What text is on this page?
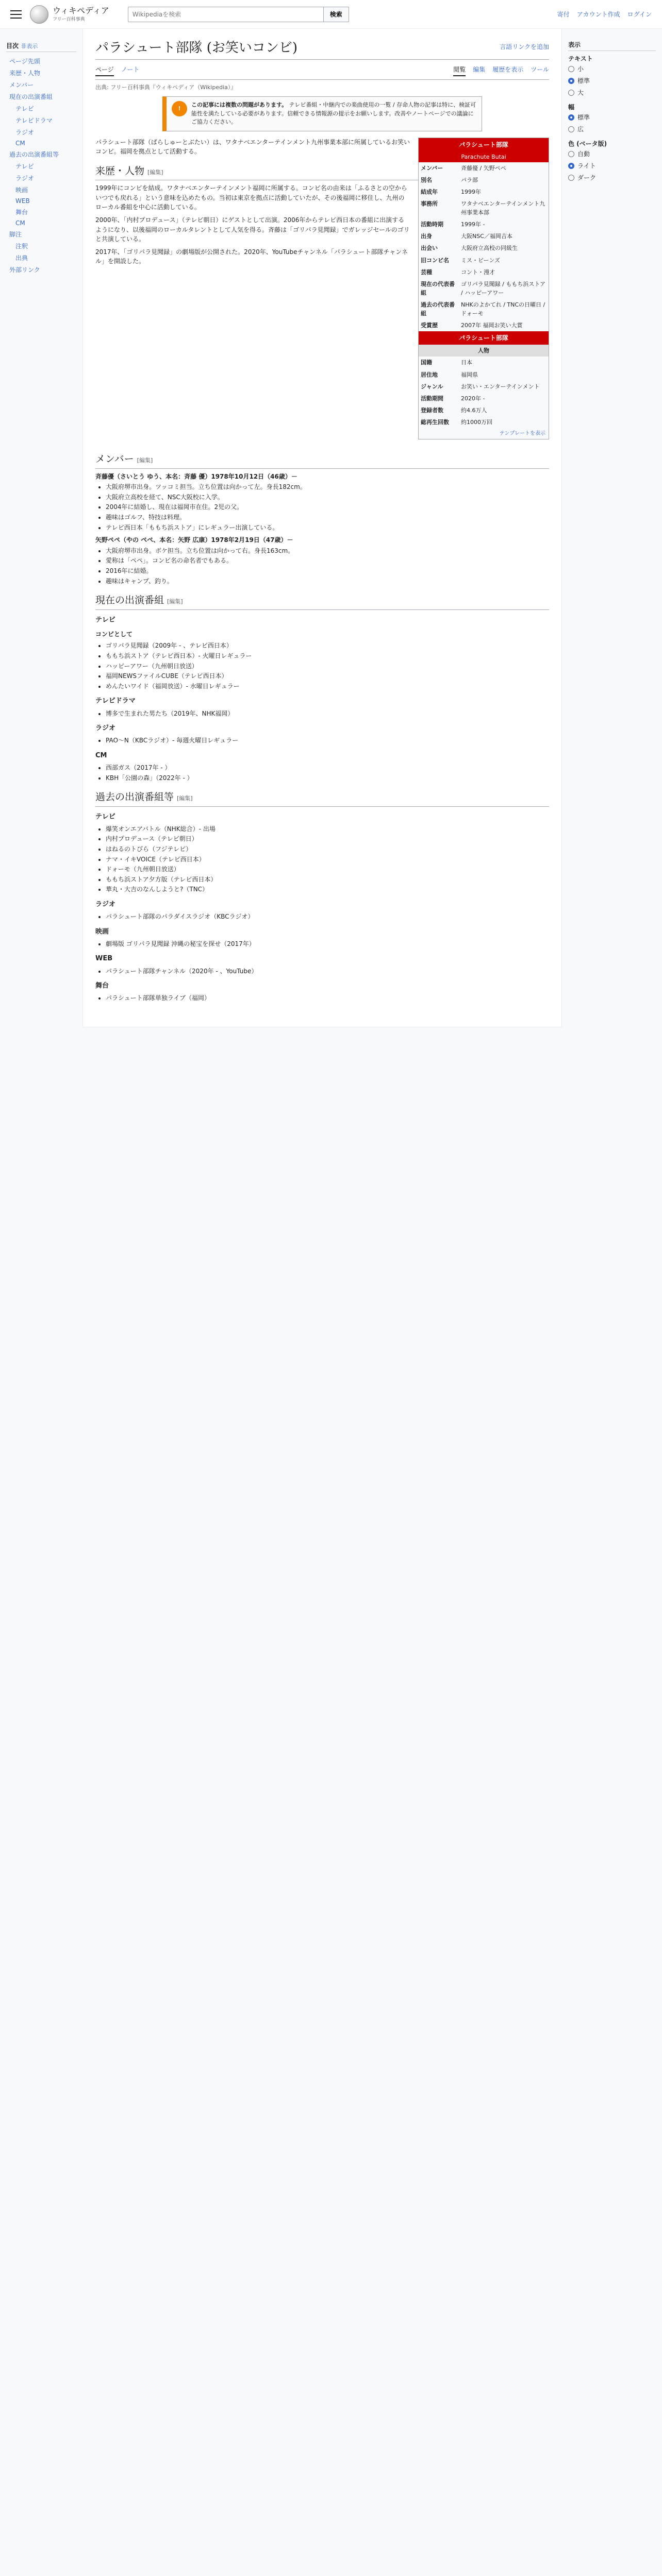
ウィキペディア
フリー百科事典
Wikipediaを検索
検索	寄付 アカウント作成 ログイン
目次 非表示
ページ先頭
来歴・人物
メンバー
現在の出演番組
テレビ
テレビドラマ
ラジオ
CM
過去の出演番組等
テレビ
ラジオ
映画
WEB
舞台
CM
脚注
注釈
出典
外部リンク
パラシュート部隊 (お笑いコンビ)	言語リンクを追加
ページ ノート	閲覧 編集 履歴を表示 ツール
出典: フリー百科事典『ウィキペディア（Wikipedia）』
!
この記事には複数の問題があります。 テレビ番組・中継内での楽曲使用の一覧 / 存命人物の記事は特に、検証可能性を満たしている必要があります。信頼できる情報源の提示をお願いします。改善やノートページでの議論にご協力ください。
パラシュート部隊
Parachute Butai
メンバー	斉藤優 / 矢野ペペ
別名	パラ部
結成年	1999年
事務所	ワタナベエンターテインメント九州事業本部
活動時期	1999年 -
出身	大阪NSC／福岡吉本
出会い	大阪府立高校の同級生
旧コンビ名	ミス・ビーンズ
芸種	コント・漫才
現在の代表番組	ゴリパラ見聞録 / ももち浜ストア / ハッピーアワー
過去の代表番組	NHKのよかてれ / TNCの日曜日 / ドォーモ
受賞歴	2007年 福岡お笑い大賞
パラシュート部隊
人物
国籍	日本
居住地	福岡県
ジャンル	お笑い・エンターテインメント
活動期間	2020年 -
登録者数	約4.6万人
総再生回数	約1000万回
テンプレートを表示

パラシュート部隊（ぱらしゅーとぶたい）は、ワタナベエンターテインメント九州事業本部に所属しているお笑いコンビ。福岡を拠点として活動する。

来歴・人物 [編集]

1999年にコンビを結成。ワタナベエンターテインメント福岡に所属する。コンビ名の由来は「ふるさとの空からいつでも戻れる」という意味を込めたもの。当初は東京を拠点に活動していたが、その後福岡に移住し、九州のローカル番組を中心に活動している。

2000年、「内村プロデュース」（テレビ朝日）にゲストとして出演。2006年からテレビ西日本の番組に出演するようになり、以後福岡のローカルタレントとして人気を得る。斉藤は「ゴリパラ見聞録」でガレッジセールのゴリと共演している。

2017年、「ゴリパラ見聞録」の劇場版が公開された。2020年、YouTubeチャンネル「パラシュート部隊チャンネル」を開設した。

メンバー [編集]
斉藤優（さいとう ゆう、本名：斉藤 優）1978年10月12日（46歳）－
• 大阪府堺市出身。ツッコミ担当。立ち位置は向かって左。身長182cm。
• 大阪府立高校を経て、NSC大阪校に入学。
• 2004年に結婚し、現在は福岡市在住。2児の父。
• 趣味はゴルフ、特技は料理。
• テレビ西日本「ももち浜ストア」にレギュラー出演している。
矢野ペペ（やの ぺぺ、本名：矢野 広康）1978年2月19日（47歳）－
• 大阪府堺市出身。ボケ担当。立ち位置は向かって右。身長163cm。
• 愛称は「ペペ」。コンビ名の命名者でもある。
• 2016年に結婚。
• 趣味はキャンプ、釣り。
現在の出演番組 [編集]
テレビ
コンビとして
• ゴリパラ見聞録（2009年 - 、テレビ西日本）
• ももち浜ストア（テレビ西日本）- 火曜日レギュラー
• ハッピーアワー（九州朝日放送）
• 福岡NEWSファイルCUBE（テレビ西日本）
• めんたいワイド（福岡放送）- 水曜日レギュラー
テレビドラマ
• 博多で生まれた男たち（2019年、NHK福岡）
ラジオ
• PAO〜N（KBCラジオ）- 毎週火曜日レギュラー
CM
• 西部ガス（2017年 - ）
• KBH「公園の森」（2022年 - ）
過去の出演番組等 [編集]
テレビ
• 爆笑オンエアバトル（NHK総合）- 出場
• 内村プロデュース（テレビ朝日）
• はねるのトびら（フジテレビ）
• ナマ・イキVOICE（テレビ西日本）
• ドォーモ（九州朝日放送）
• ももち浜ストア夕方版（テレビ西日本）
• 華丸・大吉のなんしようと?（TNC）
ラジオ
• パラシュート部隊のパラダイスラジオ（KBCラジオ）
映画
• 劇場版 ゴリパラ見聞録 沖縄の秘宝を探せ（2017年）
WEB
• パラシュート部隊チャンネル（2020年 - 、YouTube）
舞台
• パラシュート部隊単独ライブ（福岡）
表示
テキスト
小
標準
大
幅
標準
広
色 (ベータ版)
自動
ライト
ダーク
